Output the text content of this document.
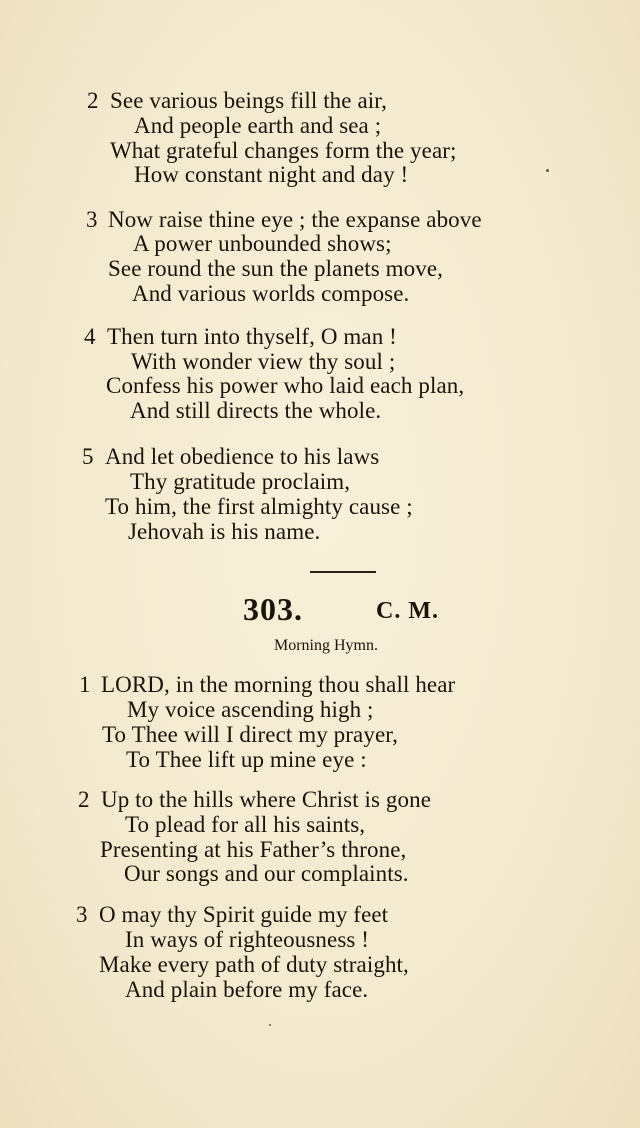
2 See various beings fill the air,
And people earth and sea ;
What grateful changes form the year;
How constant night and day !
3 Now raise thine eye ; the expanse above
A power unbounded shows;
See round the sun the planets move,
And various worlds compose.
4 Then turn into thyself, O man !
With wonder view thy soul ;
Confess his power who laid each plan,
And still directs the whole.
5 And let obedience to his laws
Thy gratitude proclaim,
To him, the first almighty cause ;
Jehovah is his name.
303.	C. M.
Morning Hymn.
1 LORD, in the morning thou shall hear
My voice ascending high ;
To Thee will I direct my prayer,
To Thee lift up mine eye :
2 Up to the hills where Christ is gone
To plead for all his saints,
Presenting at his Father’s throne,
Our songs and our complaints.
3 O may thy Spirit guide my feet
In ways of righteousness !
Make every path of duty straight,
And plain before my face.
